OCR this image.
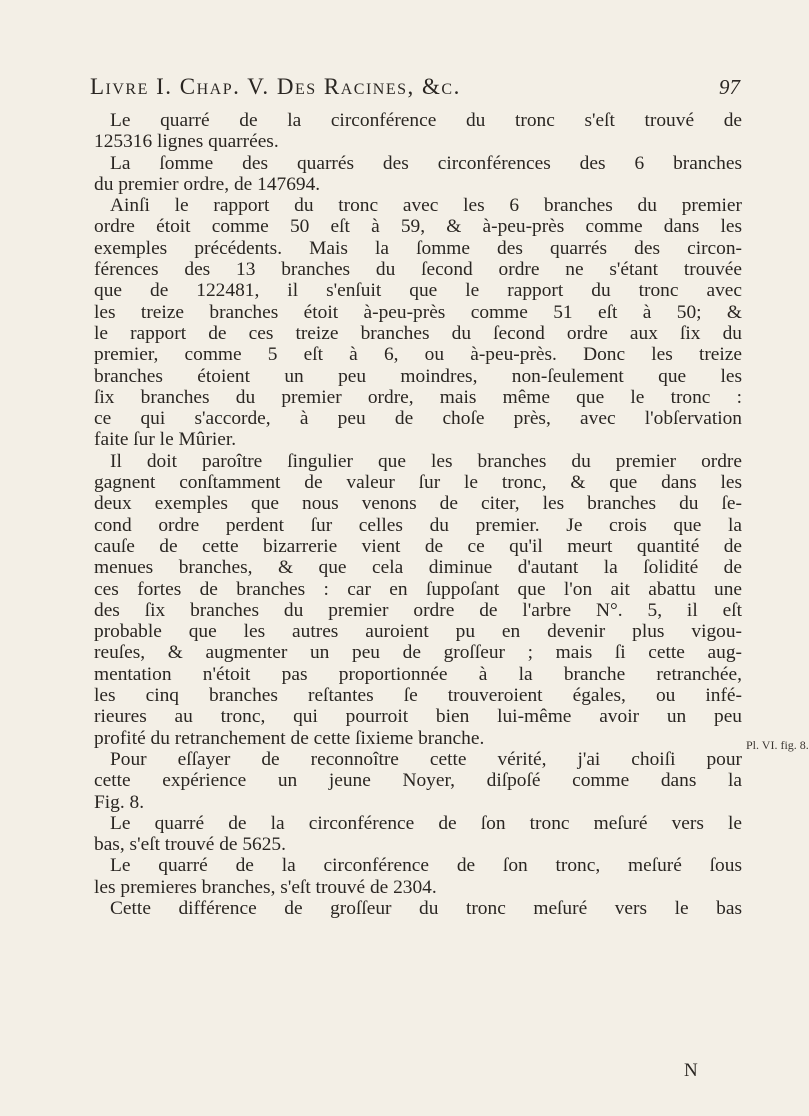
Livre I. Chap. V. Des Racines, &c.	97

Le quarré de la circonférence du tronc s'eſt trouvé de
125316 lignes quarrées.

La ſomme des quarrés des circonférences des 6 branches
du premier ordre, de 147694.

Ainſi le rapport du tronc avec les 6 branches du premier
ordre étoit comme 50 eſt à 59, & à-peu-près comme dans les
exemples précédents. Mais la ſomme des quarrés des circon-
férences des 13 branches du ſecond ordre ne s'étant trouvée
que de 122481, il s'enſuit que le rapport du tronc avec
les treize branches étoit à-peu-près comme 51 eſt à 50; &
le rapport de ces treize branches du ſecond ordre aux ſix du
premier, comme 5 eſt à 6, ou à-peu-près. Donc les treize
branches étoient un peu moindres, non-ſeulement que les
ſix branches du premier ordre, mais même que le tronc :
ce qui s'accorde, à peu de choſe près, avec l'obſervation
faite ſur le Mûrier.

Il doit paroître ſingulier que les branches du premier ordre
gagnent conſtamment de valeur ſur le tronc, & que dans les
deux exemples que nous venons de citer, les branches du ſe-
cond ordre perdent ſur celles du premier. Je crois que la
cauſe de cette bizarrerie vient de ce qu'il meurt quantité de
menues branches, & que cela diminue d'autant la ſolidité de
ces fortes de branches : car en ſuppoſant que l'on ait abattu une
des ſix branches du premier ordre de l'arbre N°. 5, il eſt
probable que les autres auroient pu en devenir plus vigou-
reuſes, & augmenter un peu de groſſeur ; mais ſi cette aug-
mentation n'étoit pas proportionnée à la branche retranchée,
les cinq branches reſtantes ſe trouveroient égales, ou infé-
rieures au tronc, qui pourroit bien lui-même avoir un peu
profité du retranchement de cette ſixieme branche.

Pour eſſayer de reconnoître cette vérité, j'ai choiſi pour
cette expérience un jeune Noyer, diſpoſé comme dans la
Fig. 8.

Le quarré de la circonférence de ſon tronc meſuré vers le
bas, s'eſt trouvé de 5625.

Le quarré de la circonférence de ſon tronc, meſuré ſous
les premieres branches, s'eſt trouvé de 2304.

Cette différence de groſſeur du tronc meſuré vers le bas

Pl. VI. fig. 8.
N
